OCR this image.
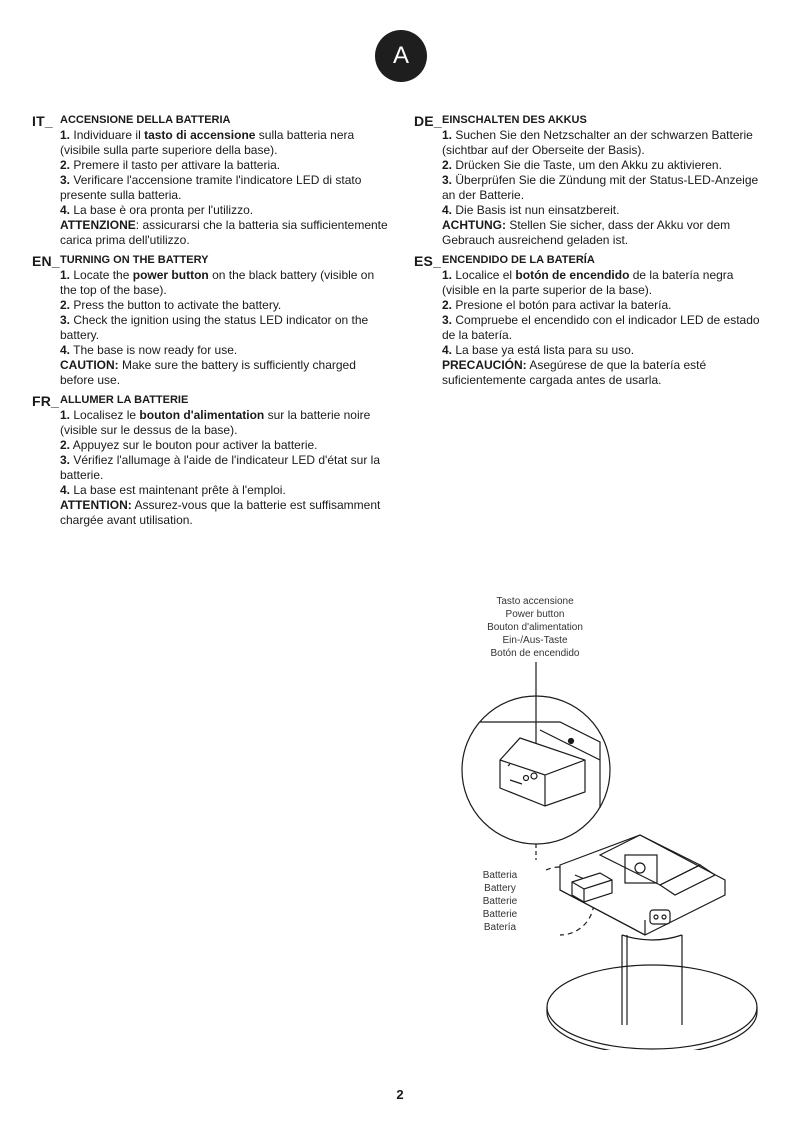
A
IT_ ACCENSIONE DELLA BATTERIA

1. Individuare il tasto di accensione sulla batteria nera (visibile sulla parte superiore della base).

2. Premere il tasto per attivare la batteria.

3. Verificare l'accensione tramite l'indicatore LED di stato presente sulla batteria.

4. La base è ora pronta per l'utilizzo.

ATTENZIONE: assicurarsi che la batteria sia sufficientemente carica prima dell'utilizzo.

EN_ TURNING ON THE BATTERY

1. Locate the power button on the black battery (visible on the top of the base).

2. Press the button to activate the battery.

3. Check the ignition using the status LED indicator on the battery.

4. The base is now ready for use.

CAUTION: Make sure the battery is sufficiently charged before use.

FR_ ALLUMER LA BATTERIE

1. Localisez le bouton d'alimentation sur la batterie noire (visible sur le dessus de la base).

2. Appuyez sur le bouton pour activer la batterie.

3. Vérifiez l'allumage à l'aide de l'indicateur LED d'état sur la batterie.

4. La base est maintenant prête à l'emploi.

ATTENTION: Assurez-vous que la batterie est suffisamment chargée avant utilisation.

DE_ EINSCHALTEN DES AKKUS

1. Suchen Sie den Netzschalter an der schwarzen Batterie (sichtbar auf der Oberseite der Basis).

2. Drücken Sie die Taste, um den Akku zu aktivieren.

3. Überprüfen Sie die Zündung mit der Status-LED-Anzeige an der Batterie.

4. Die Basis ist nun einsatzbereit.

ACHTUNG: Stellen Sie sicher, dass der Akku vor dem Gebrauch ausreichend geladen ist.

ES_ ENCENDIDO DE LA BATERÍA

1. Localice el botón de encendido de la batería negra (visible en la parte superior de la base).

2. Presione el botón para activar la batería.

3. Compruebe el encendido con el indicador LED de estado de la batería.

4. La base ya está lista para su uso.

PRECAUCIÓN: Asegúrese de que la batería esté suficientemente cargada antes de usarla.

Tasto accensione
Power button
Bouton d'alimentation
Ein-/Aus-Taste
Botón de encendido
Batteria
Battery
Batterie
Batterie
Batería
2
